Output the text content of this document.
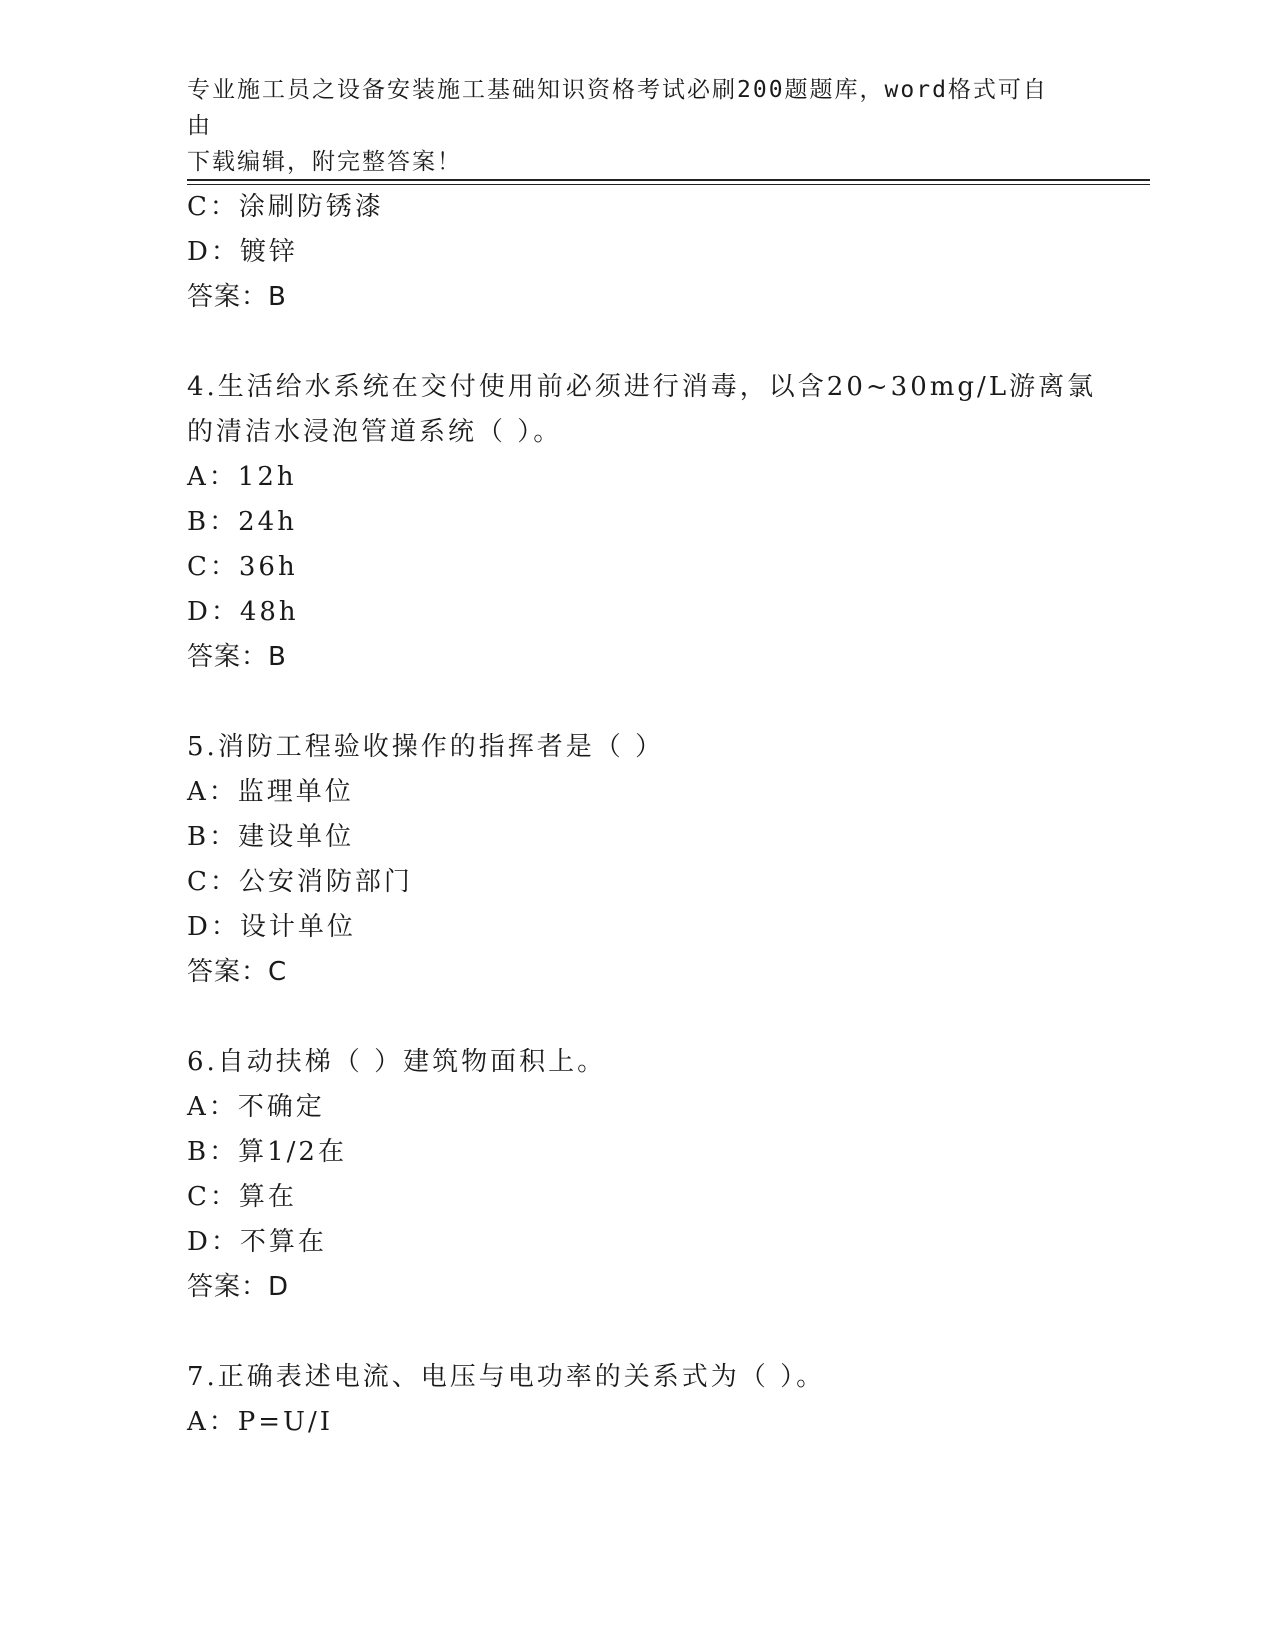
专业施工员之设备安装施工基础知识资格考试必刷200题题库，word格式可自由
下载编辑，附完整答案！
C：涂刷防锈漆
D：镀锌
答案：B
4.生活给水系统在交付使用前必须进行消毒，以含20~30mg/L游离氯
的清洁水浸泡管道系统（ ）。
A：12h
B：24h
C：36h
D：48h
答案：B
5.消防工程验收操作的指挥者是（ ）
A：监理单位
B：建设单位
C：公安消防部门
D：设计单位
答案：C
6.自动扶梯（ ）建筑物面积上。
A：不确定
B：算1/2在
C：算在
D：不算在
答案：D
7.正确表述电流、电压与电功率的关系式为（ ）。
A：P=U/I
